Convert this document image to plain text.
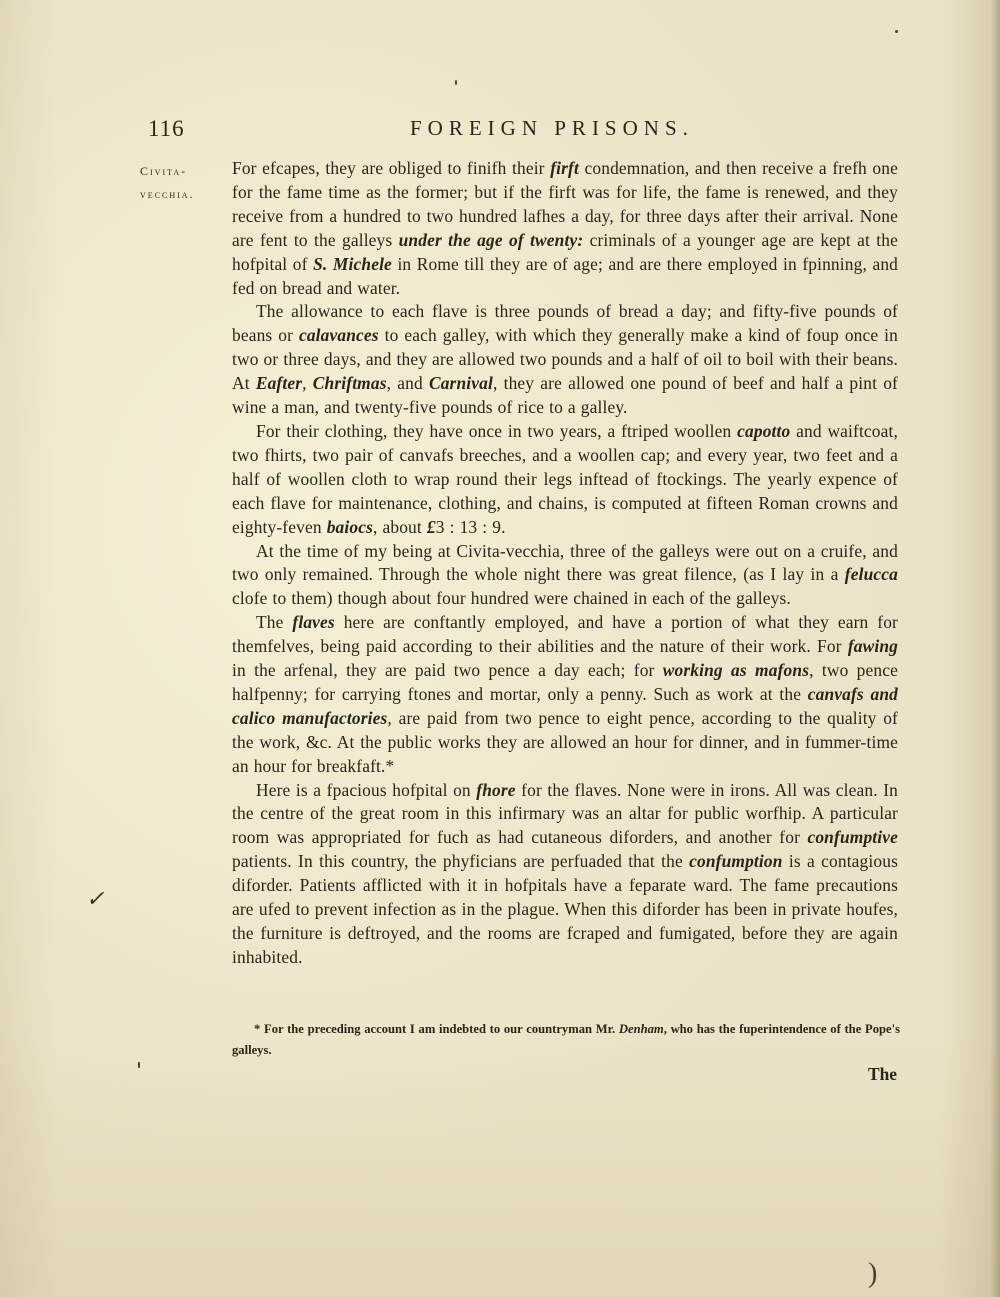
116	FOREIGN PRISONS.
Civita-
vecchia.

For efcapes, they are obliged to finifh their firft condemnation, and then receive a frefh one for the fame time as the former; but if the firft was for life, the fame is renewed, and they receive from a hundred to two hundred lafhes a day, for three days after their arrival. None are fent to the galleys under the age of twenty: criminals of a younger age are kept at the hofpital of S. Michele in Rome till they are of age; and are there employed in fpinning, and fed on bread and water.

The allowance to each flave is three pounds of bread a day; and fifty-five pounds of beans or calavances to each galley, with which they generally make a kind of foup once in two or three days, and they are allowed two pounds and a half of oil to boil with their beans. At Eafter, Chriftmas, and Carnival, they are allowed one pound of beef and half a pint of wine a man, and twenty-five pounds of rice to a galley.

For their clothing, they have once in two years, a ftriped woollen capotto and waiftcoat, two fhirts, two pair of canvafs breeches, and a woollen cap; and every year, two feet and a half of woollen cloth to wrap round their legs inftead of ftockings. The yearly expence of each flave for maintenance, clothing, and chains, is computed at fifteen Roman crowns and eighty-feven baiocs, about £3 : 13 : 9.

At the time of my being at Civita-vecchia, three of the galleys were out on a cruife, and two only remained. Through the whole night there was great filence, (as I lay in a felucca clofe to them) though about four hundred were chained in each of the galleys.

The flaves here are conftantly employed, and have a portion of what they earn for themfelves, being paid according to their abilities and the nature of their work. For fawing in the arfenal, they are paid two pence a day each; for working as mafons, two pence halfpenny; for carrying ftones and mortar, only a penny. Such as work at the canvafs and calico manufactories, are paid from two pence to eight pence, according to the quality of the work, &c. At the public works they are allowed an hour for dinner, and in fummer-time an hour for breakfaft.*

Here is a fpacious hofpital on fhore for the flaves. None were in irons. All was clean. In the centre of the great room in this infirmary was an altar for public worfhip. A particular room was appropriated for fuch as had cutaneous diforders, and another for confumptive patients. In this country, the phyficians are perfuaded that the confumption is a contagious diforder. Patients afflicted with it in hofpitals have a feparate ward. The fame precautions are ufed to prevent infection as in the plague. When this diforder has been in private houfes, the furniture is deftroyed, and the rooms are fcraped and fumigated, before they are again inhabited.

* For the preceding account I am indebted to our countryman Mr. Denham, who has the fuperintendence of the Pope's galleys.
The
✓
)
